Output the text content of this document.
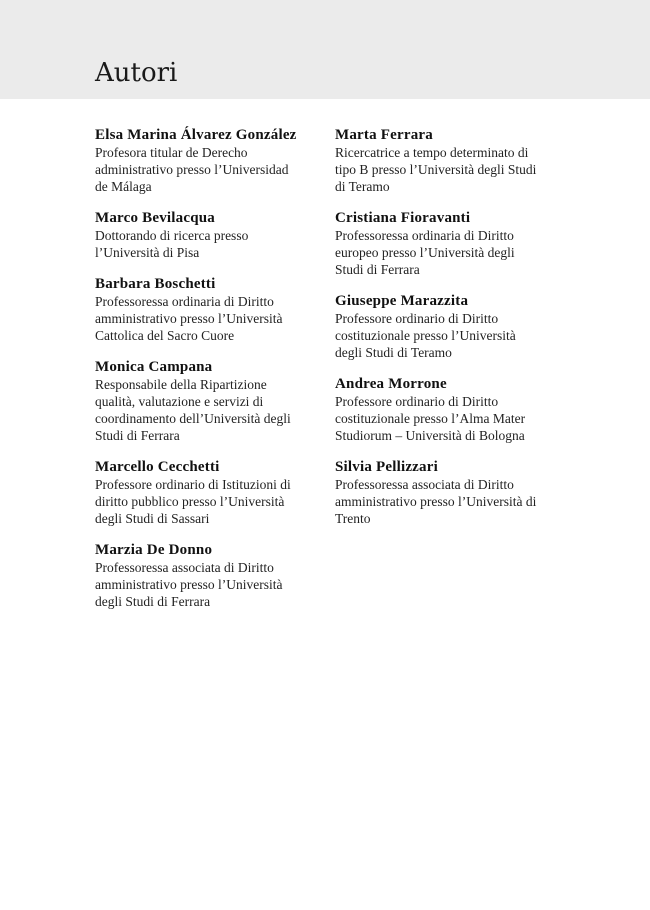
Autori

Elsa Marina Álvarez González

Profesora titular de Derecho
administrativo presso l’Universidad
de Málaga

Marco Bevilacqua

Dottorando di ricerca presso
l’Università di Pisa

Barbara Boschetti

Professoressa ordinaria di Diritto
amministrativo presso l’Università
Cattolica del Sacro Cuore

Monica Campana

Responsabile della Ripartizione
qualità, valutazione e servizi di
coordinamento dell’Università degli
Studi di Ferrara

Marcello Cecchetti

Professore ordinario di Istituzioni di
diritto pubblico presso l’Università
degli Studi di Sassari

Marzia De Donno

Professoressa associata di Diritto
amministrativo presso l’Università
degli Studi di Ferrara

Marta Ferrara

Ricercatrice a tempo determinato di
tipo B presso l’Università degli Studi
di Teramo

Cristiana Fioravanti

Professoressa ordinaria di Diritto
europeo presso l’Università degli
Studi di Ferrara

Giuseppe Marazzita

Professore ordinario di Diritto
costituzionale presso l’Università
degli Studi di Teramo

Andrea Morrone

Professore ordinario di Diritto
costituzionale presso l’Alma Mater
Studiorum – Università di Bologna

Silvia Pellizzari

Professoressa associata di Diritto
amministrativo presso l’Università di
Trento
